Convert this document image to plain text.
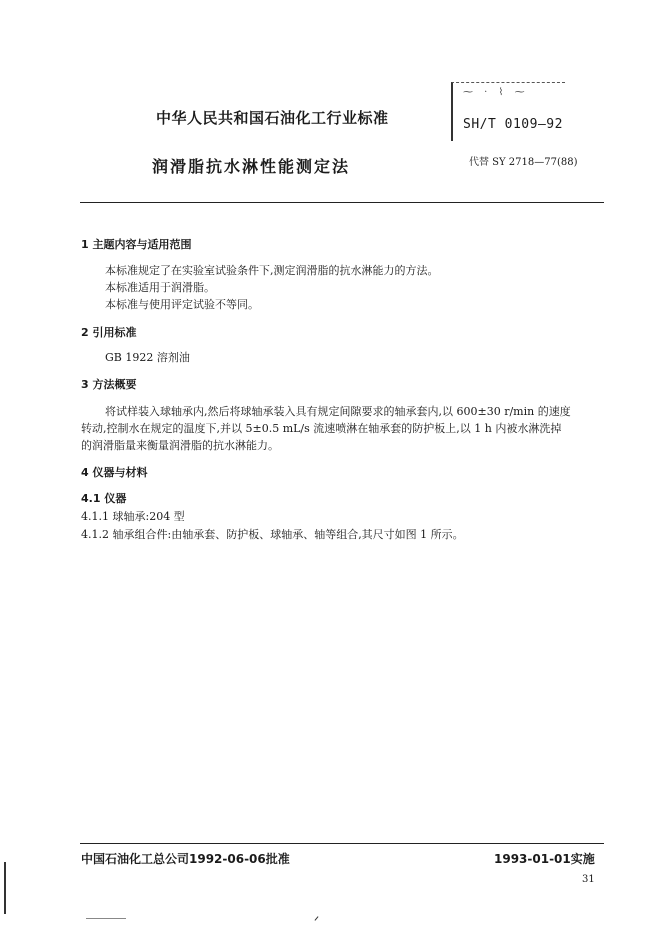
中华人民共和国石油化工行业标准
润滑脂抗水淋性能测定法
⁓ · ⌇ ⁓
SH/T 0109—92
代替 SY 2718—77(88)
1 主题内容与适用范围
本标准规定了在实验室试验条件下,测定润滑脂的抗水淋能力的方法。
本标准适用于润滑脂。
本标准与使用评定试验不等同。
2 引用标准
GB 1922 溶剂油
3 方法概要
将试样装入球轴承内,然后将球轴承装入具有规定间隙要求的轴承套内,以 600±30 r/min 的速度
转动,控制水在规定的温度下,并以 5±0.5 mL/s 流速喷淋在轴承套的防护板上,以 1 h 内被水淋洗掉
的润滑脂量来衡量润滑脂的抗水淋能力。
4 仪器与材料
4.1 仪器
4.1.1 球轴承:204 型
4.1.2 轴承组合件:由轴承套、防护板、球轴承、轴等组合,其尺寸如图 1 所示。
中国石油化工总公司1992-06-06批准	1993-01-01实施
31
